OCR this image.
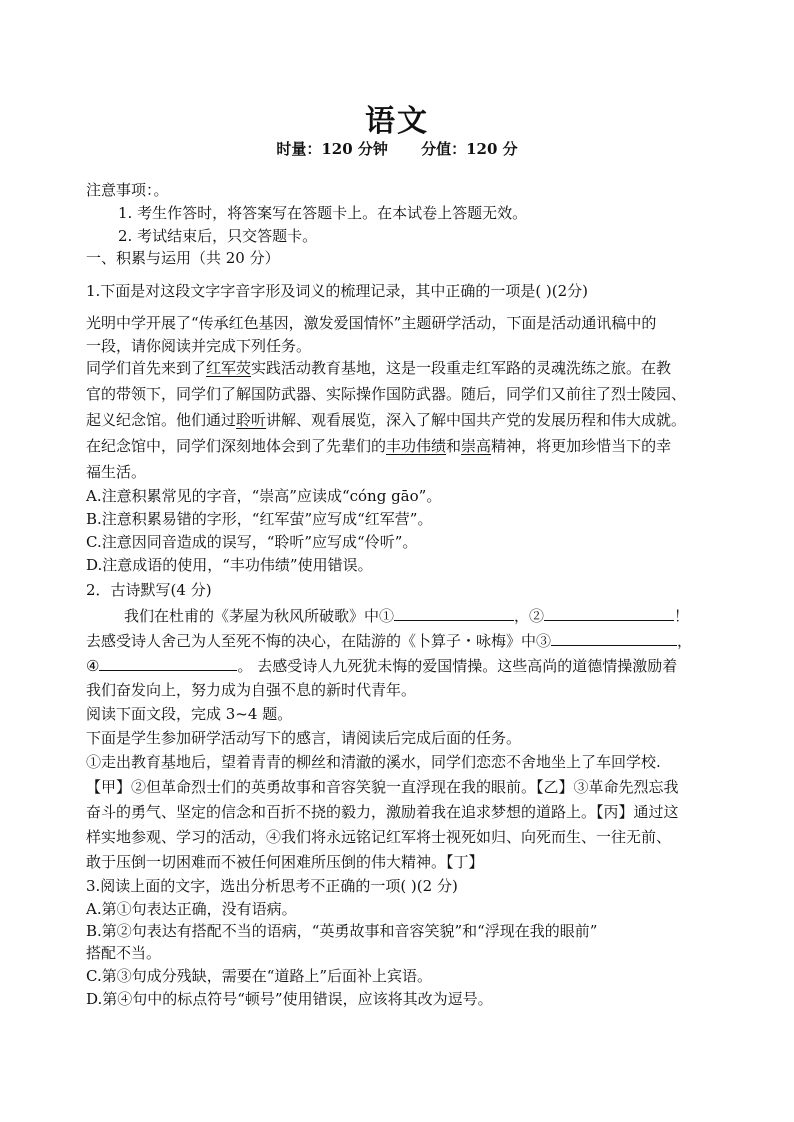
语文
时量：120 分钟 分值：120 分
注意事项：。
1. 考生作答时，将答案写在答题卡上。在本试卷上答题无效。
2. 考试结束后，只交答题卡。
一、积累与运用（共 20 分）
1.下面是对这段文字字音字形及词义的梳理记录，其中正确的一项是( )(2分)
光明中学开展了“传承红色基因，激发爱国情怀”主题研学活动，下面是活动通讯稿中的
一段，请你阅读并完成下列任务。
同学们首先来到了红军荧实践活动教育基地，这是一段重走红军路的灵魂洗练之旅。在教
官的带领下，同学们了解国防武器、实际操作国防武器。随后，同学们又前往了烈士陵园、
起义纪念馆。他们通过聆听讲解、观看展览，深入了解中国共产党的发展历程和伟大成就。
在纪念馆中，同学们深刻地体会到了先辈们的丰功伟绩和崇高精神，将更加珍惜当下的幸
福生活。
A.注意积累常见的字音，“崇高”应读成“cóng gāo”。
B.注意积累易错的字形，“红军萤”应写成“红军营”。
C.注意因同音造成的误写，“聆听”应写成“伶听”。
D.注意成语的使用，“丰功伟绩”使用错误。
2．古诗默写(4 分)
我们在杜甫的《茅屋为秋风所破歌》中①	，②	！
去感受诗人舍己为人至死不悔的决心，在陆游的《卜算子・咏梅》中③	，
④	。 去感受诗人九死犹未悔的爱国情操。这些高尚的道德情操激励着
我们奋发向上，努力成为自强不息的新时代青年。
阅读下面文段，完成 3~4 题。
下面是学生参加研学活动写下的感言，请阅读后完成后面的任务。
①走出教育基地后，望着青青的柳丝和清澈的溪水，同学们恋恋不舍地坐上了车回学校.
【甲】②但革命烈士们的英勇故事和音容笑貌一直浮现在我的眼前。【乙】③革命先烈忘我
奋斗的勇气、坚定的信念和百折不挠的毅力，激励着我在追求梦想的道路上。【丙】通过这
样实地参观、学习的活动，④我们将永远铭记红军将士视死如归、向死而生、一往无前、
敢于压倒一切困难而不被任何困难所压倒的伟大精神。【丁】
3.阅读上面的文字，选出分析思考不正确的一项( )(2 分)
A.第①句表达正确，没有语病。
B.第②句表达有搭配不当的语病，“英勇故事和音容笑貌”和“浮现在我的眼前”
搭配不当。
C.第③句成分残缺，需要在“道路上”后面补上宾语。
D.第④句中的标点符号“顿号”使用错误，应该将其改为逗号。
